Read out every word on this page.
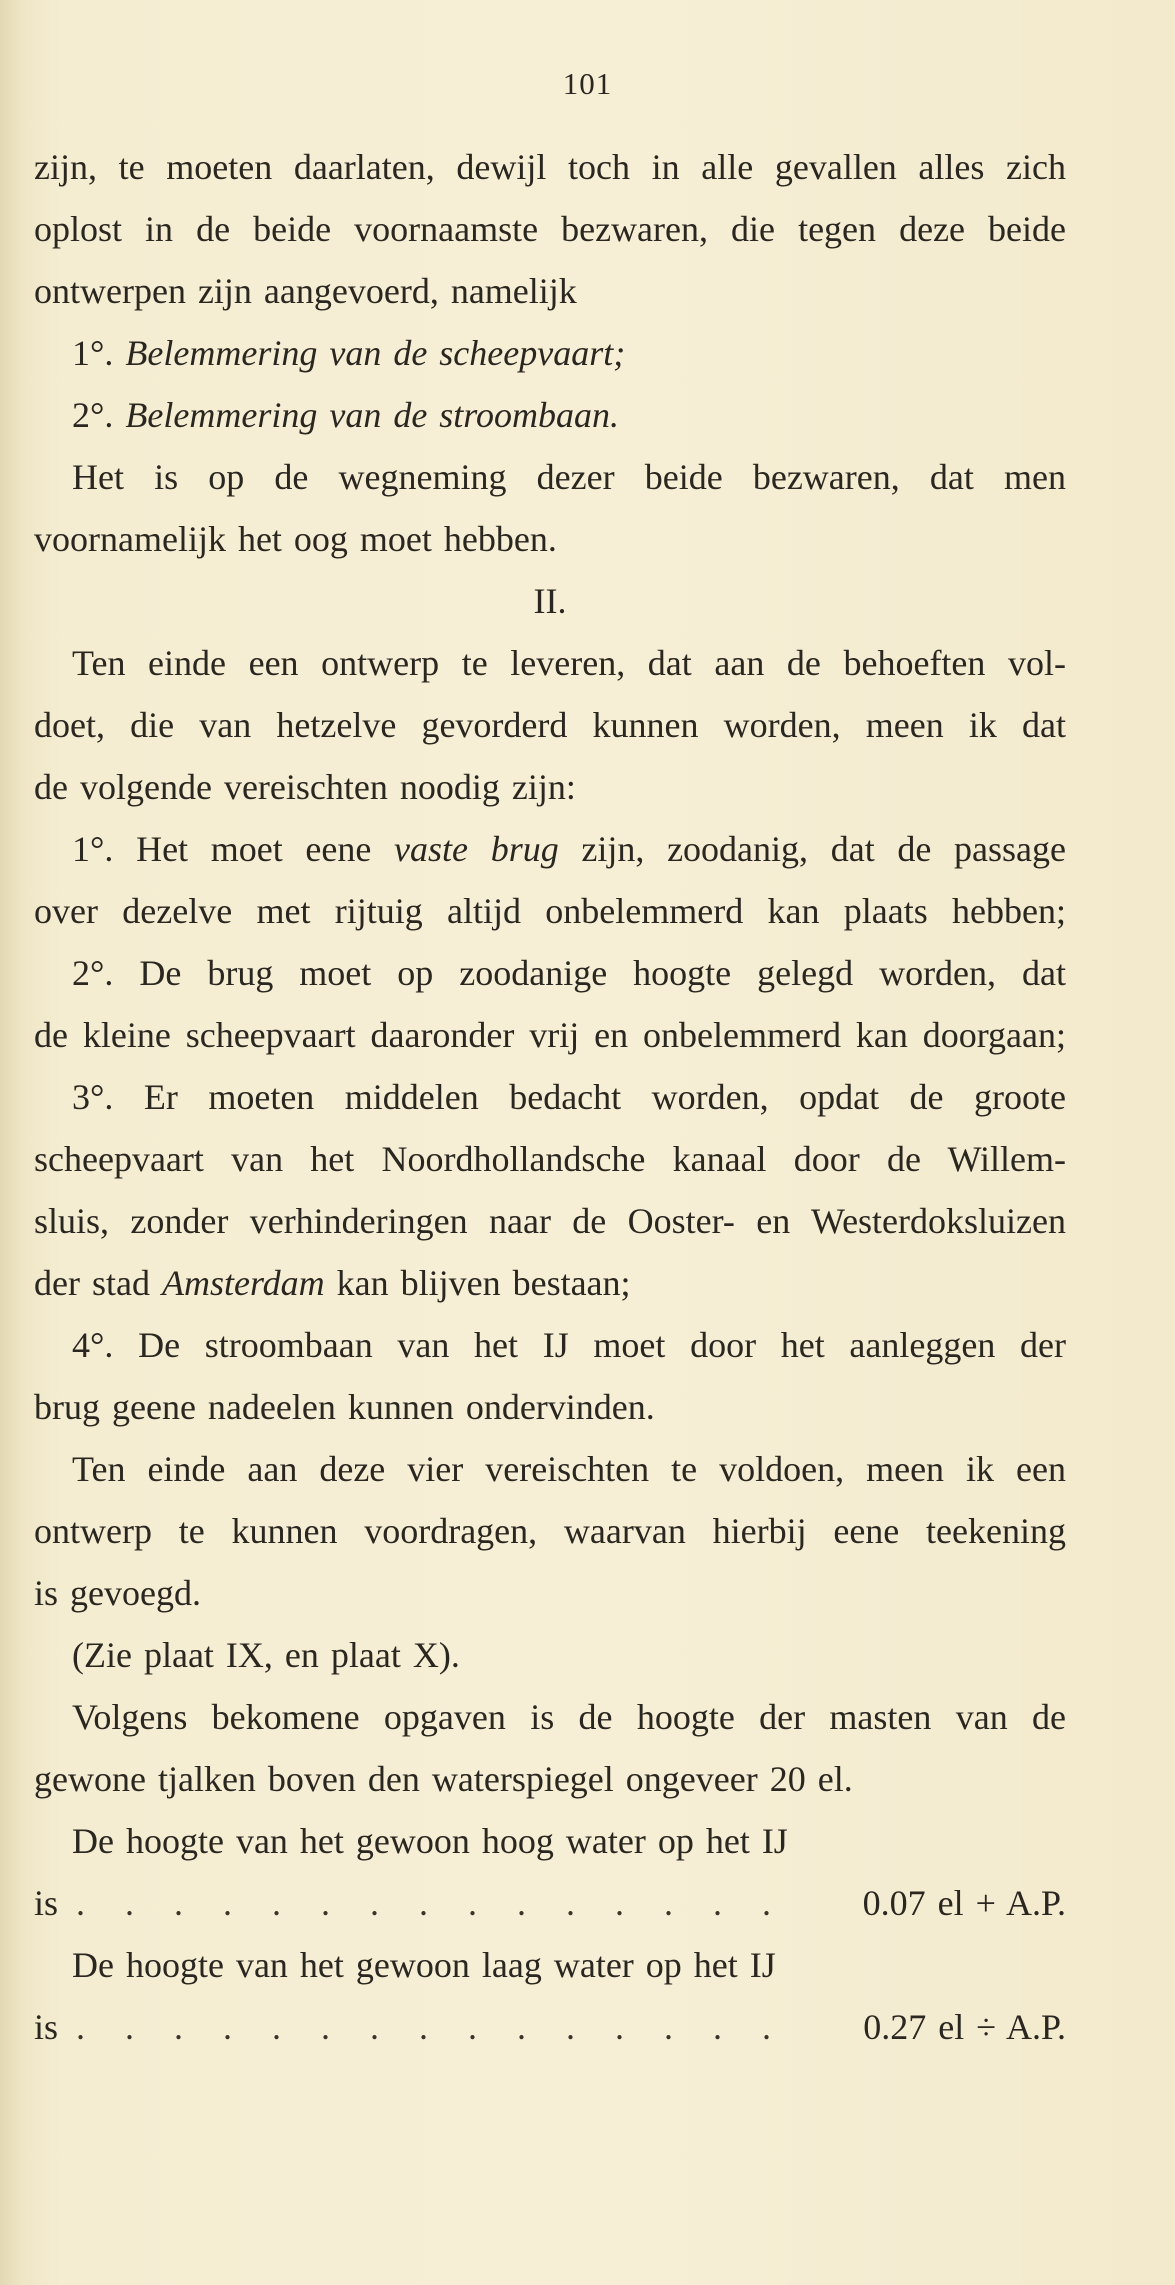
101
zijn, te moeten daarlaten, dewijl toch in alle gevallen alles zich
oplost in de beide voornaamste bezwaren, die tegen deze beide
ontwerpen zijn aangevoerd, namelijk
1°. Belemmering van de scheepvaart;
2°. Belemmering van de stroombaan.
Het is op de wegneming dezer beide bezwaren, dat men
voornamelijk het oog moet hebben.
II.
Ten einde een ontwerp te leveren, dat aan de behoeften vol-
doet, die van hetzelve gevorderd kunnen worden, meen ik dat
de volgende vereischten noodig zijn:
1°. Het moet eene vaste brug zijn, zoodanig, dat de passage
over dezelve met rijtuig altijd onbelemmerd kan plaats hebben;
2°. De brug moet op zoodanige hoogte gelegd worden, dat
de kleine scheepvaart daaronder vrij en onbelemmerd kan doorgaan;
3°. Er moeten middelen bedacht worden, opdat de groote
scheepvaart van het Noordhollandsche kanaal door de Willem-
sluis, zonder verhinderingen naar de Ooster- en Westerdoksluizen
der stad Amsterdam kan blijven bestaan;
4°. De stroombaan van het IJ moet door het aanleggen der
brug geene nadeelen kunnen ondervinden.
Ten einde aan deze vier vereischten te voldoen, meen ik een
ontwerp te kunnen voordragen, waarvan hierbij eene teekening
is gevoegd.
(Zie plaat IX, en plaat X).
Volgens bekomene opgaven is de hoogte der masten van de
gewone tjalken boven den waterspiegel ongeveer 20 el.
De hoogte van het gewoon hoog water op het IJ
is . . . . . . . . . . . . . . .	0.07 el + A.P.
De hoogte van het gewoon laag water op het IJ
is . . . . . . . . . . . . . . .	0.27 el ÷ A.P.
